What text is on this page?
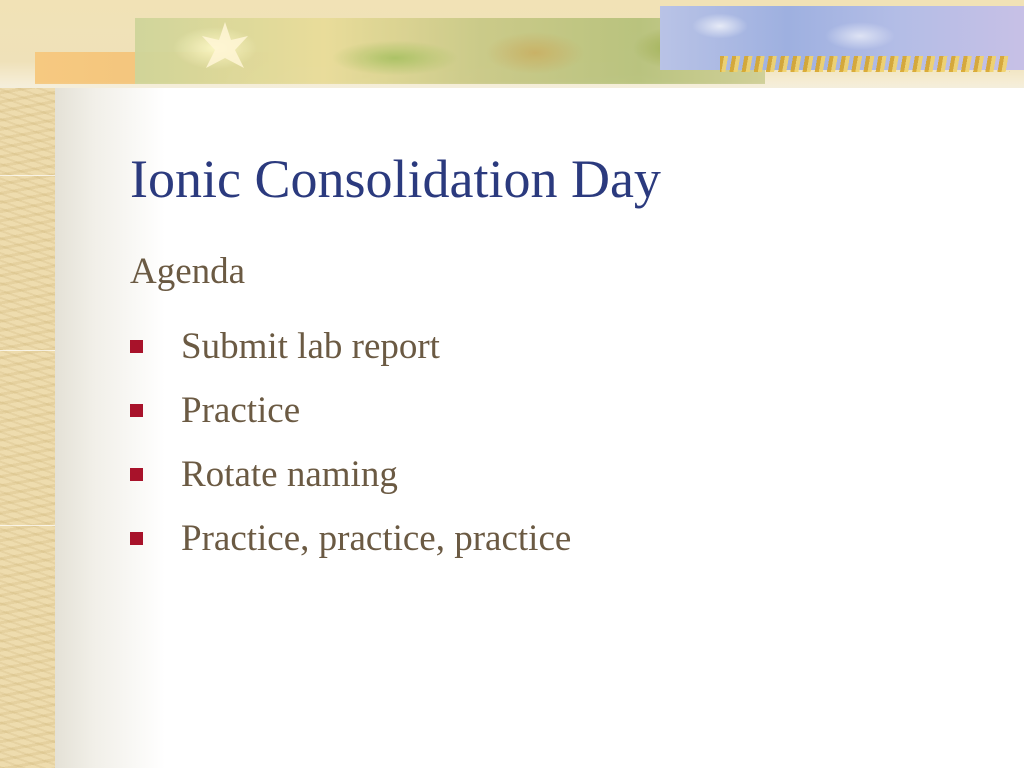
Ionic Consolidation Day
Agenda
Submit lab report
Practice
Rotate naming
Practice, practice, practice
